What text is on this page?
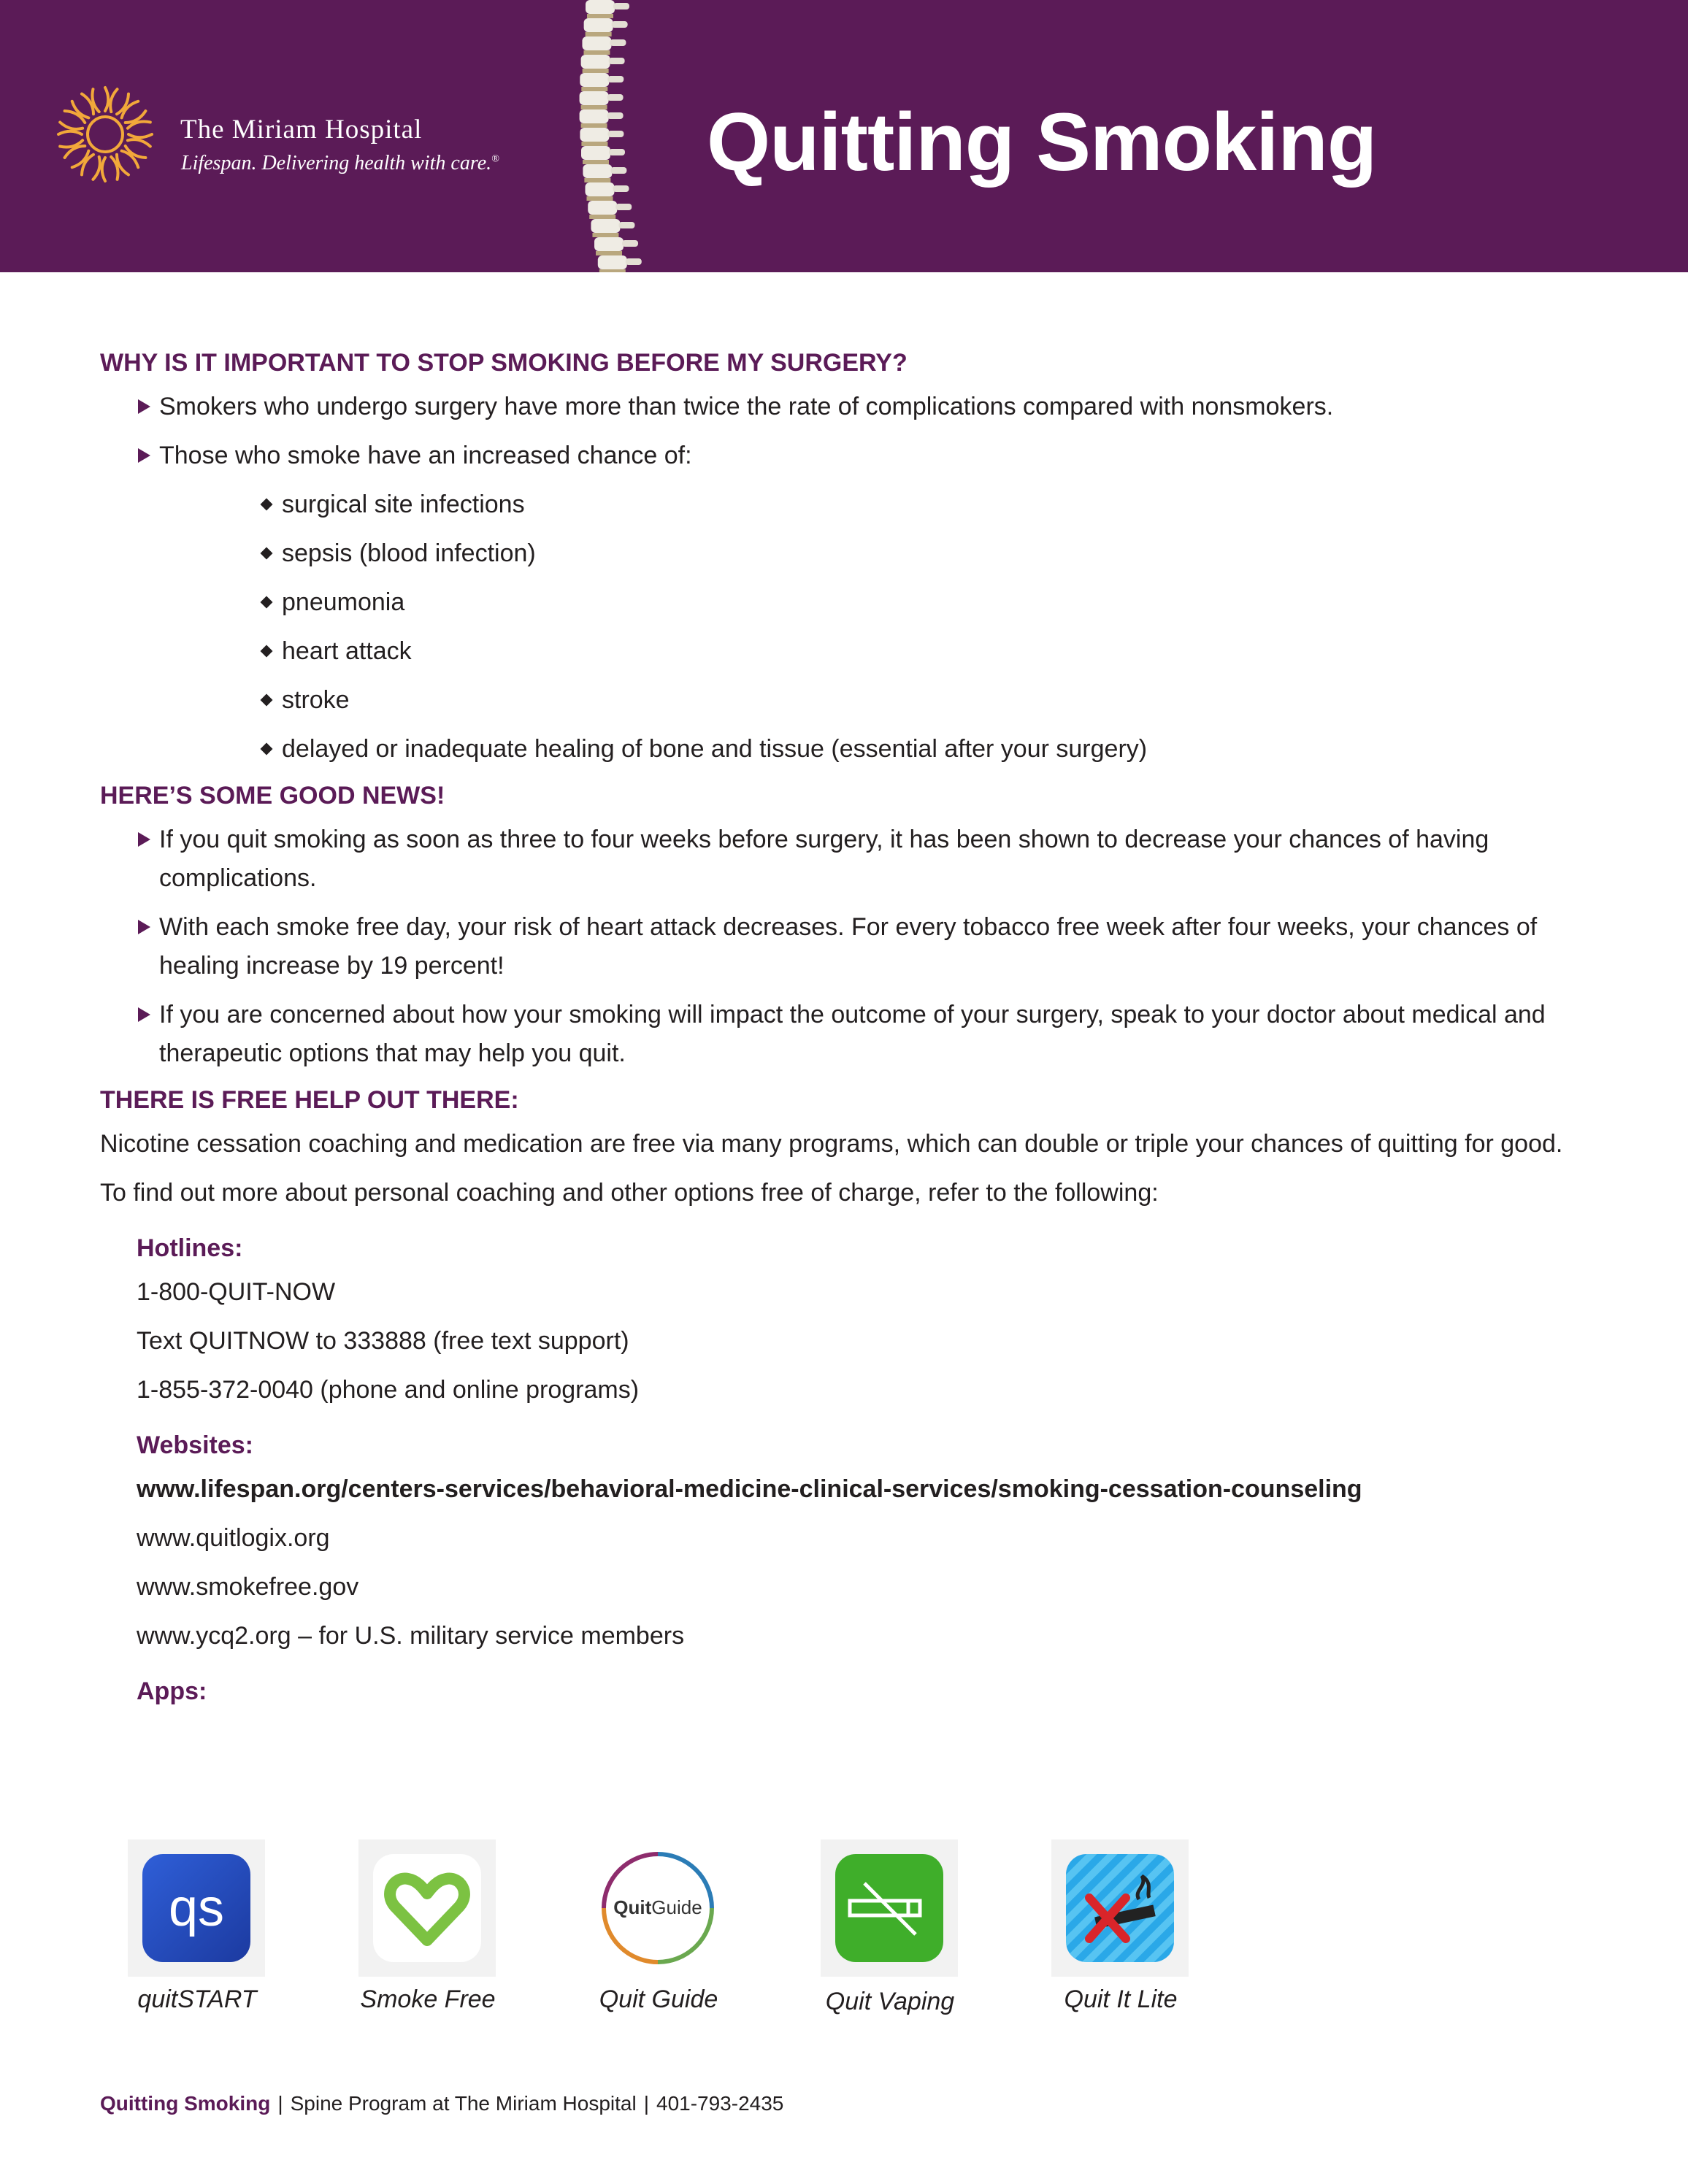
The Miriam Hospital
Lifespan. Delivering health with care.®	Quitting Smoking
WHY IS IT IMPORTANT TO STOP SMOKING BEFORE MY SURGERY?
Smokers who undergo surgery have more than twice the rate of complications compared with nonsmokers.
Those who smoke have an increased chance of:
surgical site infections
sepsis (blood infection)
pneumonia
heart attack
stroke
delayed or inadequate healing of bone and tissue (essential after your surgery)
HERE’S SOME GOOD NEWS!
If you quit smoking as soon as three to four weeks before surgery, it has been shown to decrease your chances of having complications.
With each smoke free day, your risk of heart attack decreases. For every tobacco free week after four weeks, your chances of healing increase by 19 percent!
If you are concerned about how your smoking will impact the outcome of your surgery, speak to your doctor about medical and therapeutic options that may help you quit.
THERE IS FREE HELP OUT THERE:
Nicotine cessation coaching and medication are free via many programs, which can double or triple your chances of quitting for good.
To find out more about personal coaching and other options free of charge, refer to the following:
Hotlines:
1-800-QUIT-NOW
Text QUITNOW to 333888 (free text support)
1-855-372-0040 (phone and online programs)
Websites:
www.lifespan.org/centers-services/behavioral-medicine-clinical-services/smoking-cessation-counseling
www.quitlogix.org
www.smokefree.gov
www.ycq2.org – for U.S. military service members
Apps:
qs
quitSTART	Smoke Free
QuitGuide
Quit Guide	Quit Vaping	Quit It Lite
Quitting Smoking | Spine Program at The Miriam Hospital | 401-793-2435
